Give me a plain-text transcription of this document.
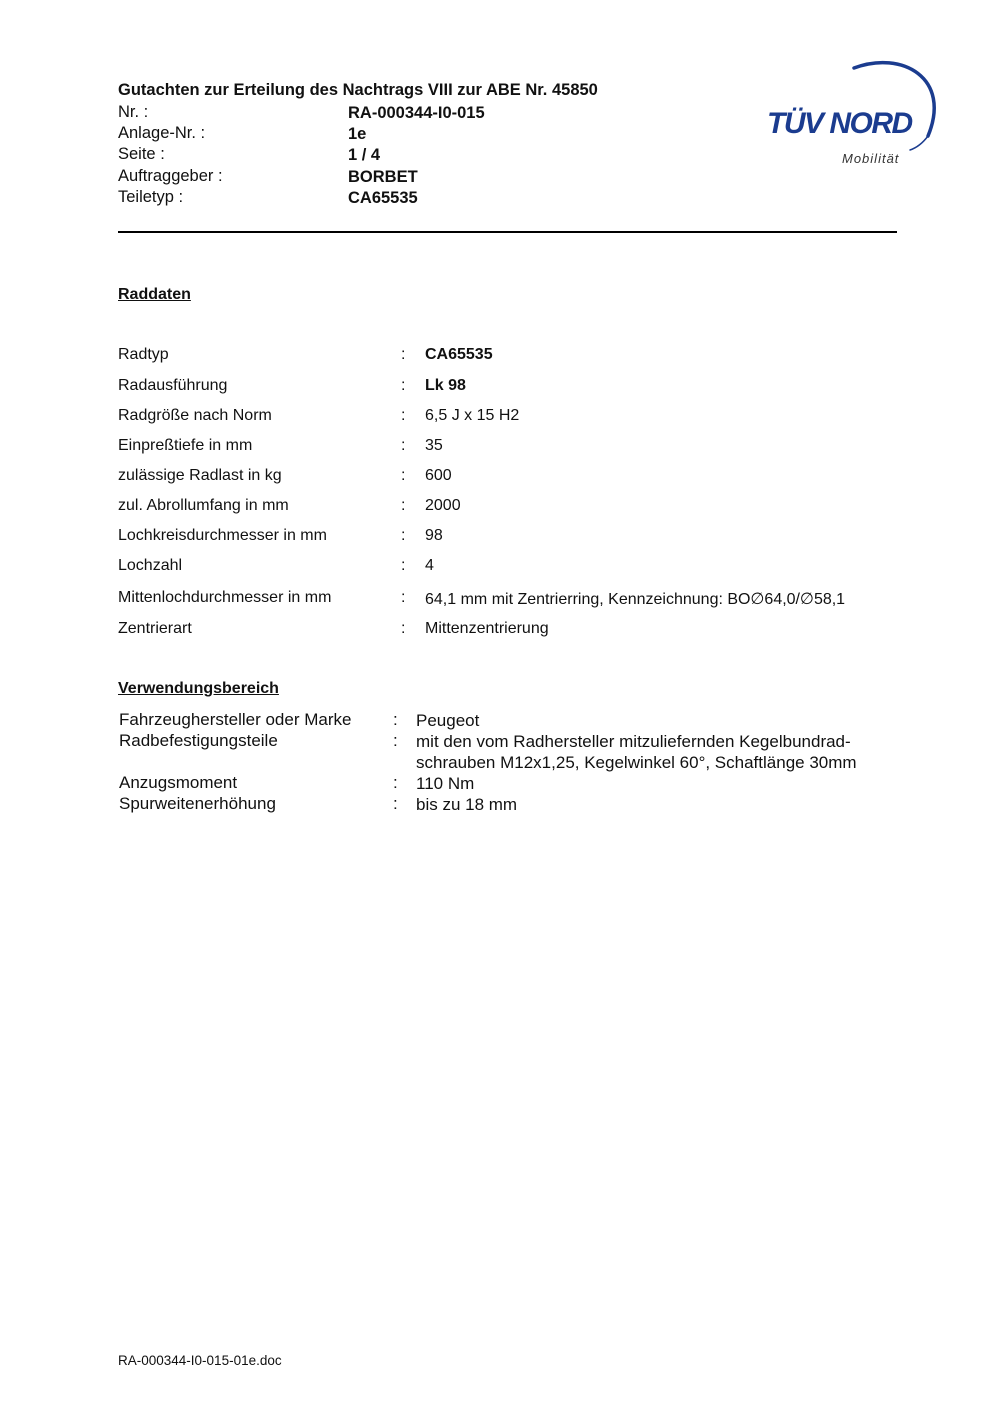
Gutachten zur Erteilung des Nachtrags VIII zur ABE Nr. 45850
Nr. :	RA-000344-I0-015
Anlage-Nr. :	1e
Seite :	1 / 4
Auftraggeber :	BORBET
Teiletyp :	CA65535
TÜV NORD
Mobilität
Raddaten
Radtyp	: CA65535
Radausführung	: Lk 98
Radgröße nach Norm	: 6,5 J x 15 H2
Einpreßtiefe in mm	: 35
zulässige Radlast in kg	: 600
zul. Abrollumfang in mm	: 2000
Lochkreisdurchmesser in mm	: 98
Lochzahl	: 4
Mittenlochdurchmesser in mm	: 64,1 mm mit Zentrierring, Kennzeichnung: BO∅64,0/∅58,1
Zentrierart	: Mittenzentrierung
Verwendungsbereich
Fahrzeughersteller oder Marke : Peugeot
Radbefestigungsteile	: mit den vom Radhersteller mitzuliefernden Kegelbundrad-
schrauben M12x1,25, Kegelwinkel 60°, Schaftlänge 30mm
Anzugsmoment	: 110 Nm
Spurweitenerhöhung	: bis zu 18 mm
RA-000344-I0-015-01e.doc
